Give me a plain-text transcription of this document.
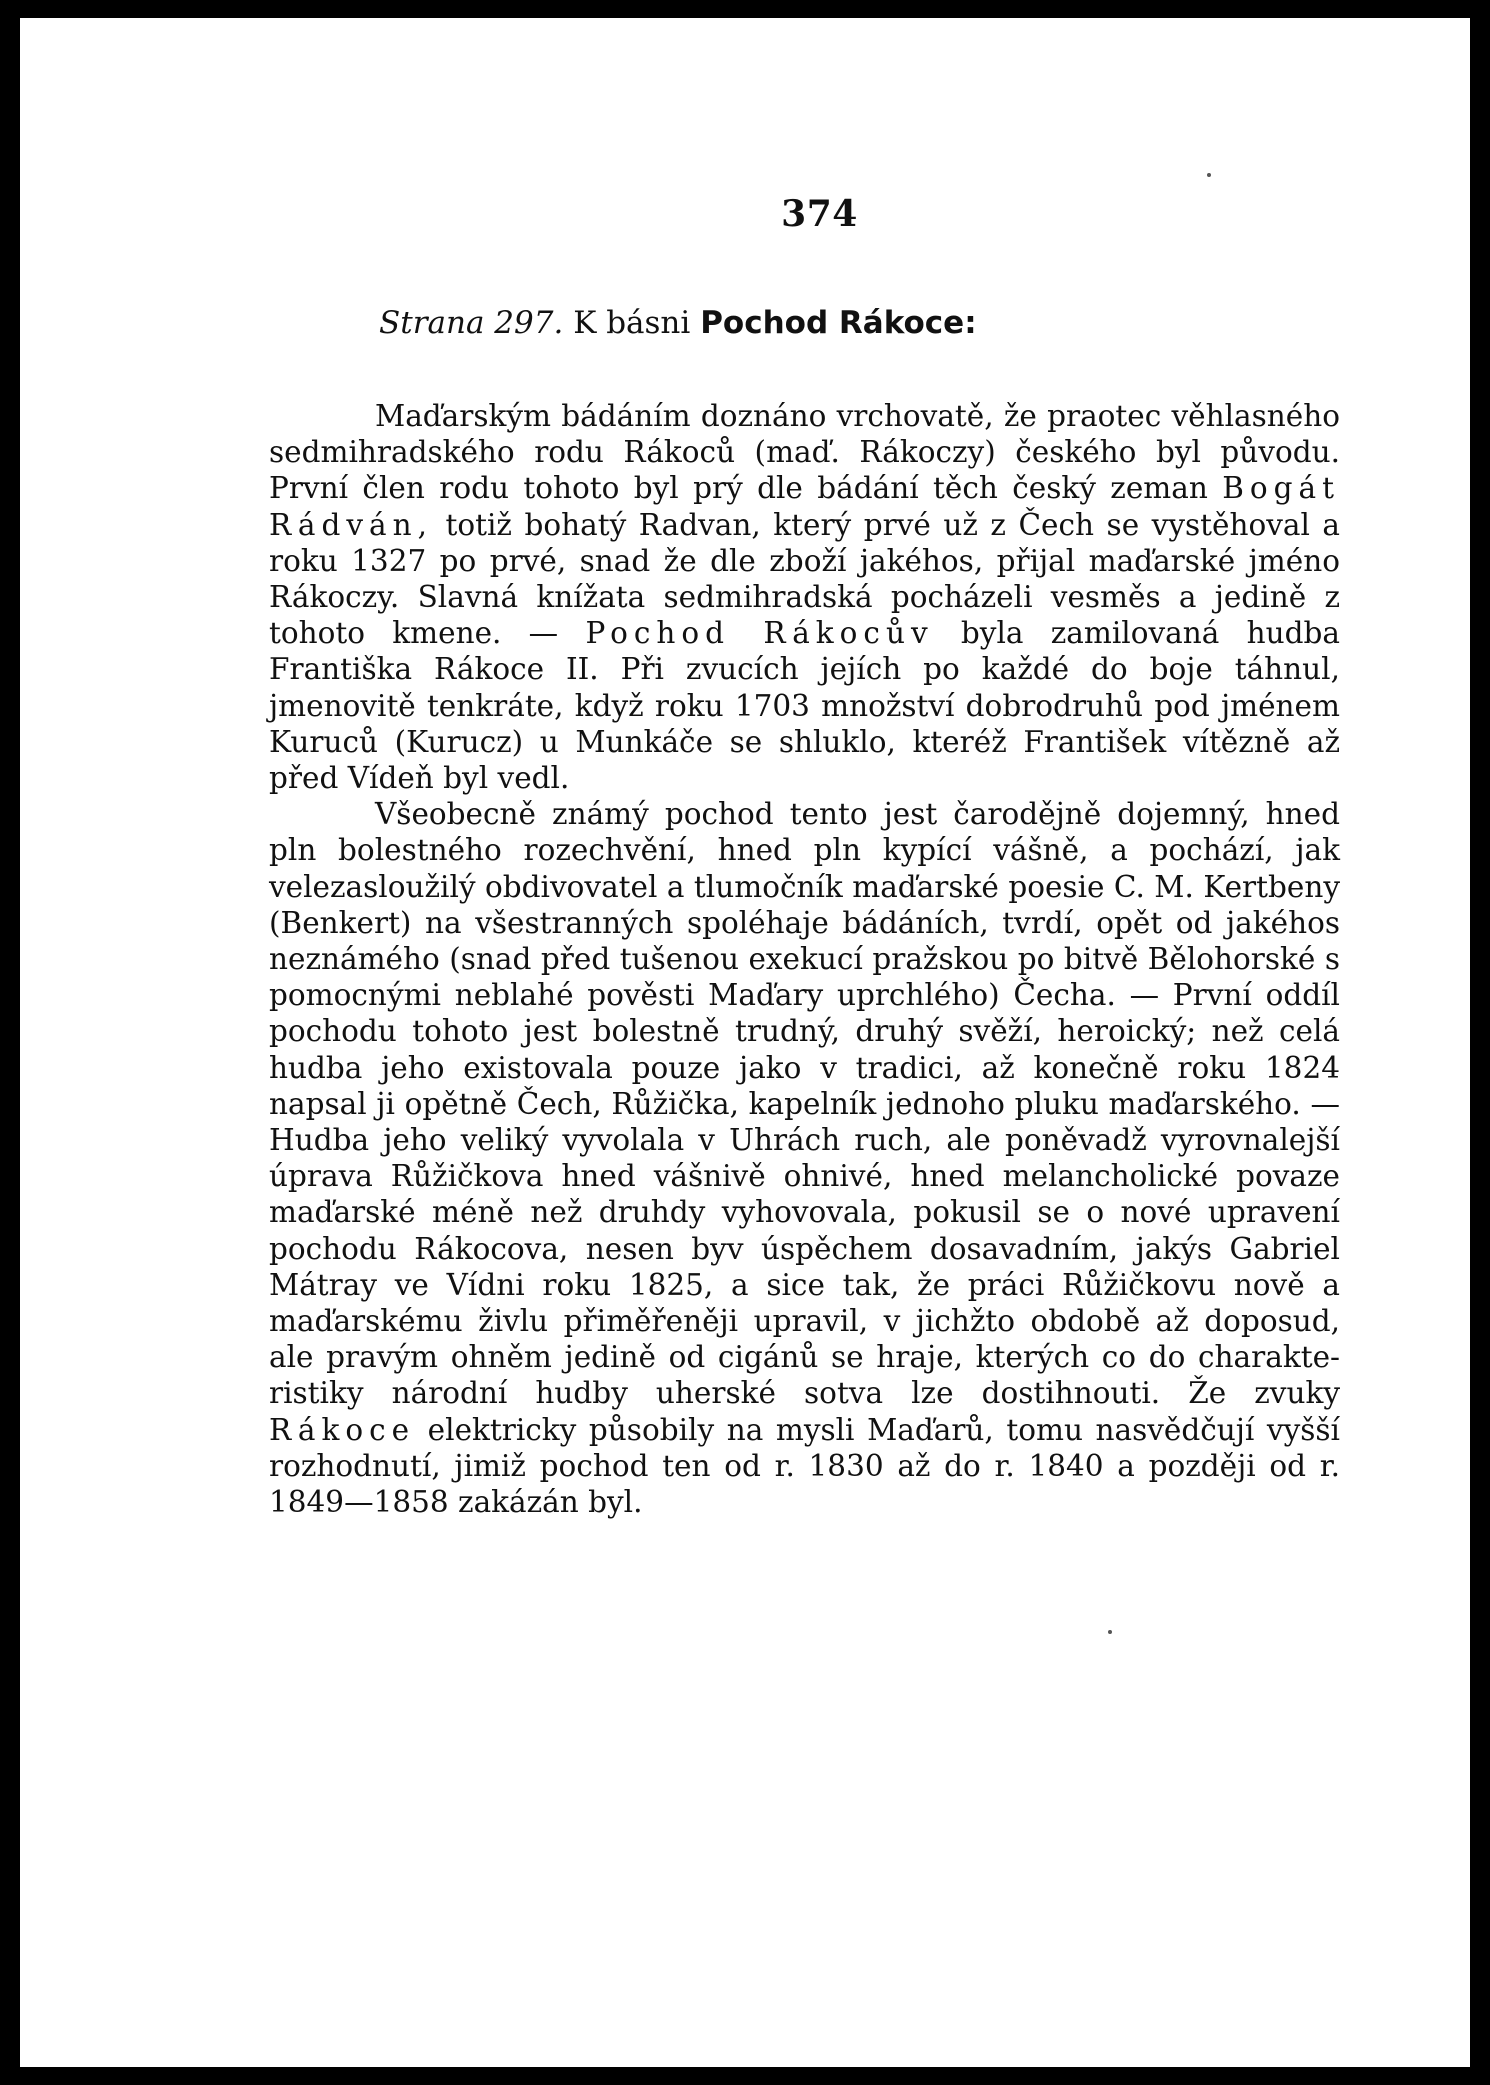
374
Strana 297. K básni Pochod Rákoce:

Maďarským bádáním doznáno vrchovatě, že praotec věhlasného sedmihradského rodu Rákoců (maď. Rákoczy) českého byl původu. První člen rodu tohoto byl prý dle bádání těch český zeman Bogát Rádván, totiž bohatý Radvan, který prvé už z Čech se vystěhoval a roku 1327 po prvé, snad že dle zboží jakéhos, přijal maďarské jméno Rákoczy. Slavná knížata sedmihradská pocházeli vesměs a jedině z tohoto kmene. — Pochod Rákocův byla zamilovaná hudba Františka Rákoce II. Při zvucích jejích po každé do boje táhnul, jmenovitě tenkráte, když roku 1703 množství dobrodruhů pod jménem Kuruců (Kurucz) u Munkáče se shluklo, kteréž František vítězně až před Vídeň byl vedl.

Všeobecně známý pochod tento jest čarodějně dojemný, hned pln bolestného rozechvění, hned pln kypící vášně, a pochází, jak velezasloužilý obdivovatel a tlumočník maďarské poesie C. M. Kertbeny (Benkert) na všestranných spoléhaje bádáních, tvrdí, opět od jakéhos neznámého (snad před tušenou exekucí pražskou po bitvě Bělohorské s pomocnými neblahé pověsti Maďary uprchlého) Čecha. — První oddíl pochodu tohoto jest bolestně trudný, druhý svěží, heroický; než celá hudba jeho existovala pouze jako v tradici, až konečně roku 1824 napsal ji opětně Čech, Růžička, kapelník jednoho pluku maďarského. — Hudba jeho veliký vyvolala v Uhrách ruch, ale poněvadž vyrovnalejší úprava Růžičkova hned vášnivě ohnivé, hned melancholické povaze maďarské méně než druhdy vyhovovala, pokusil se o nové upravení pochodu Rákocova, nesen byv úspěchem dosavadním, jakýs Gabriel Mátray ve Vídni roku 1825, a sice tak, že práci Růžičkovu nově a maďarskému živlu přiměřeněji upravil, v jichžto obdobě až doposud, ale pravým ohněm jedině od cigánů se hraje, kterých co do charakteristiky národní hudby uherské sotva lze dostihnouti. Že zvuky Rákoce elektricky působily na mysli Maďarů, tomu nasvědčují vyšší rozhodnutí, jimiž pochod ten od r. 1830 až do r. 1840 a později od r. 1849—1858 zakázán byl.
